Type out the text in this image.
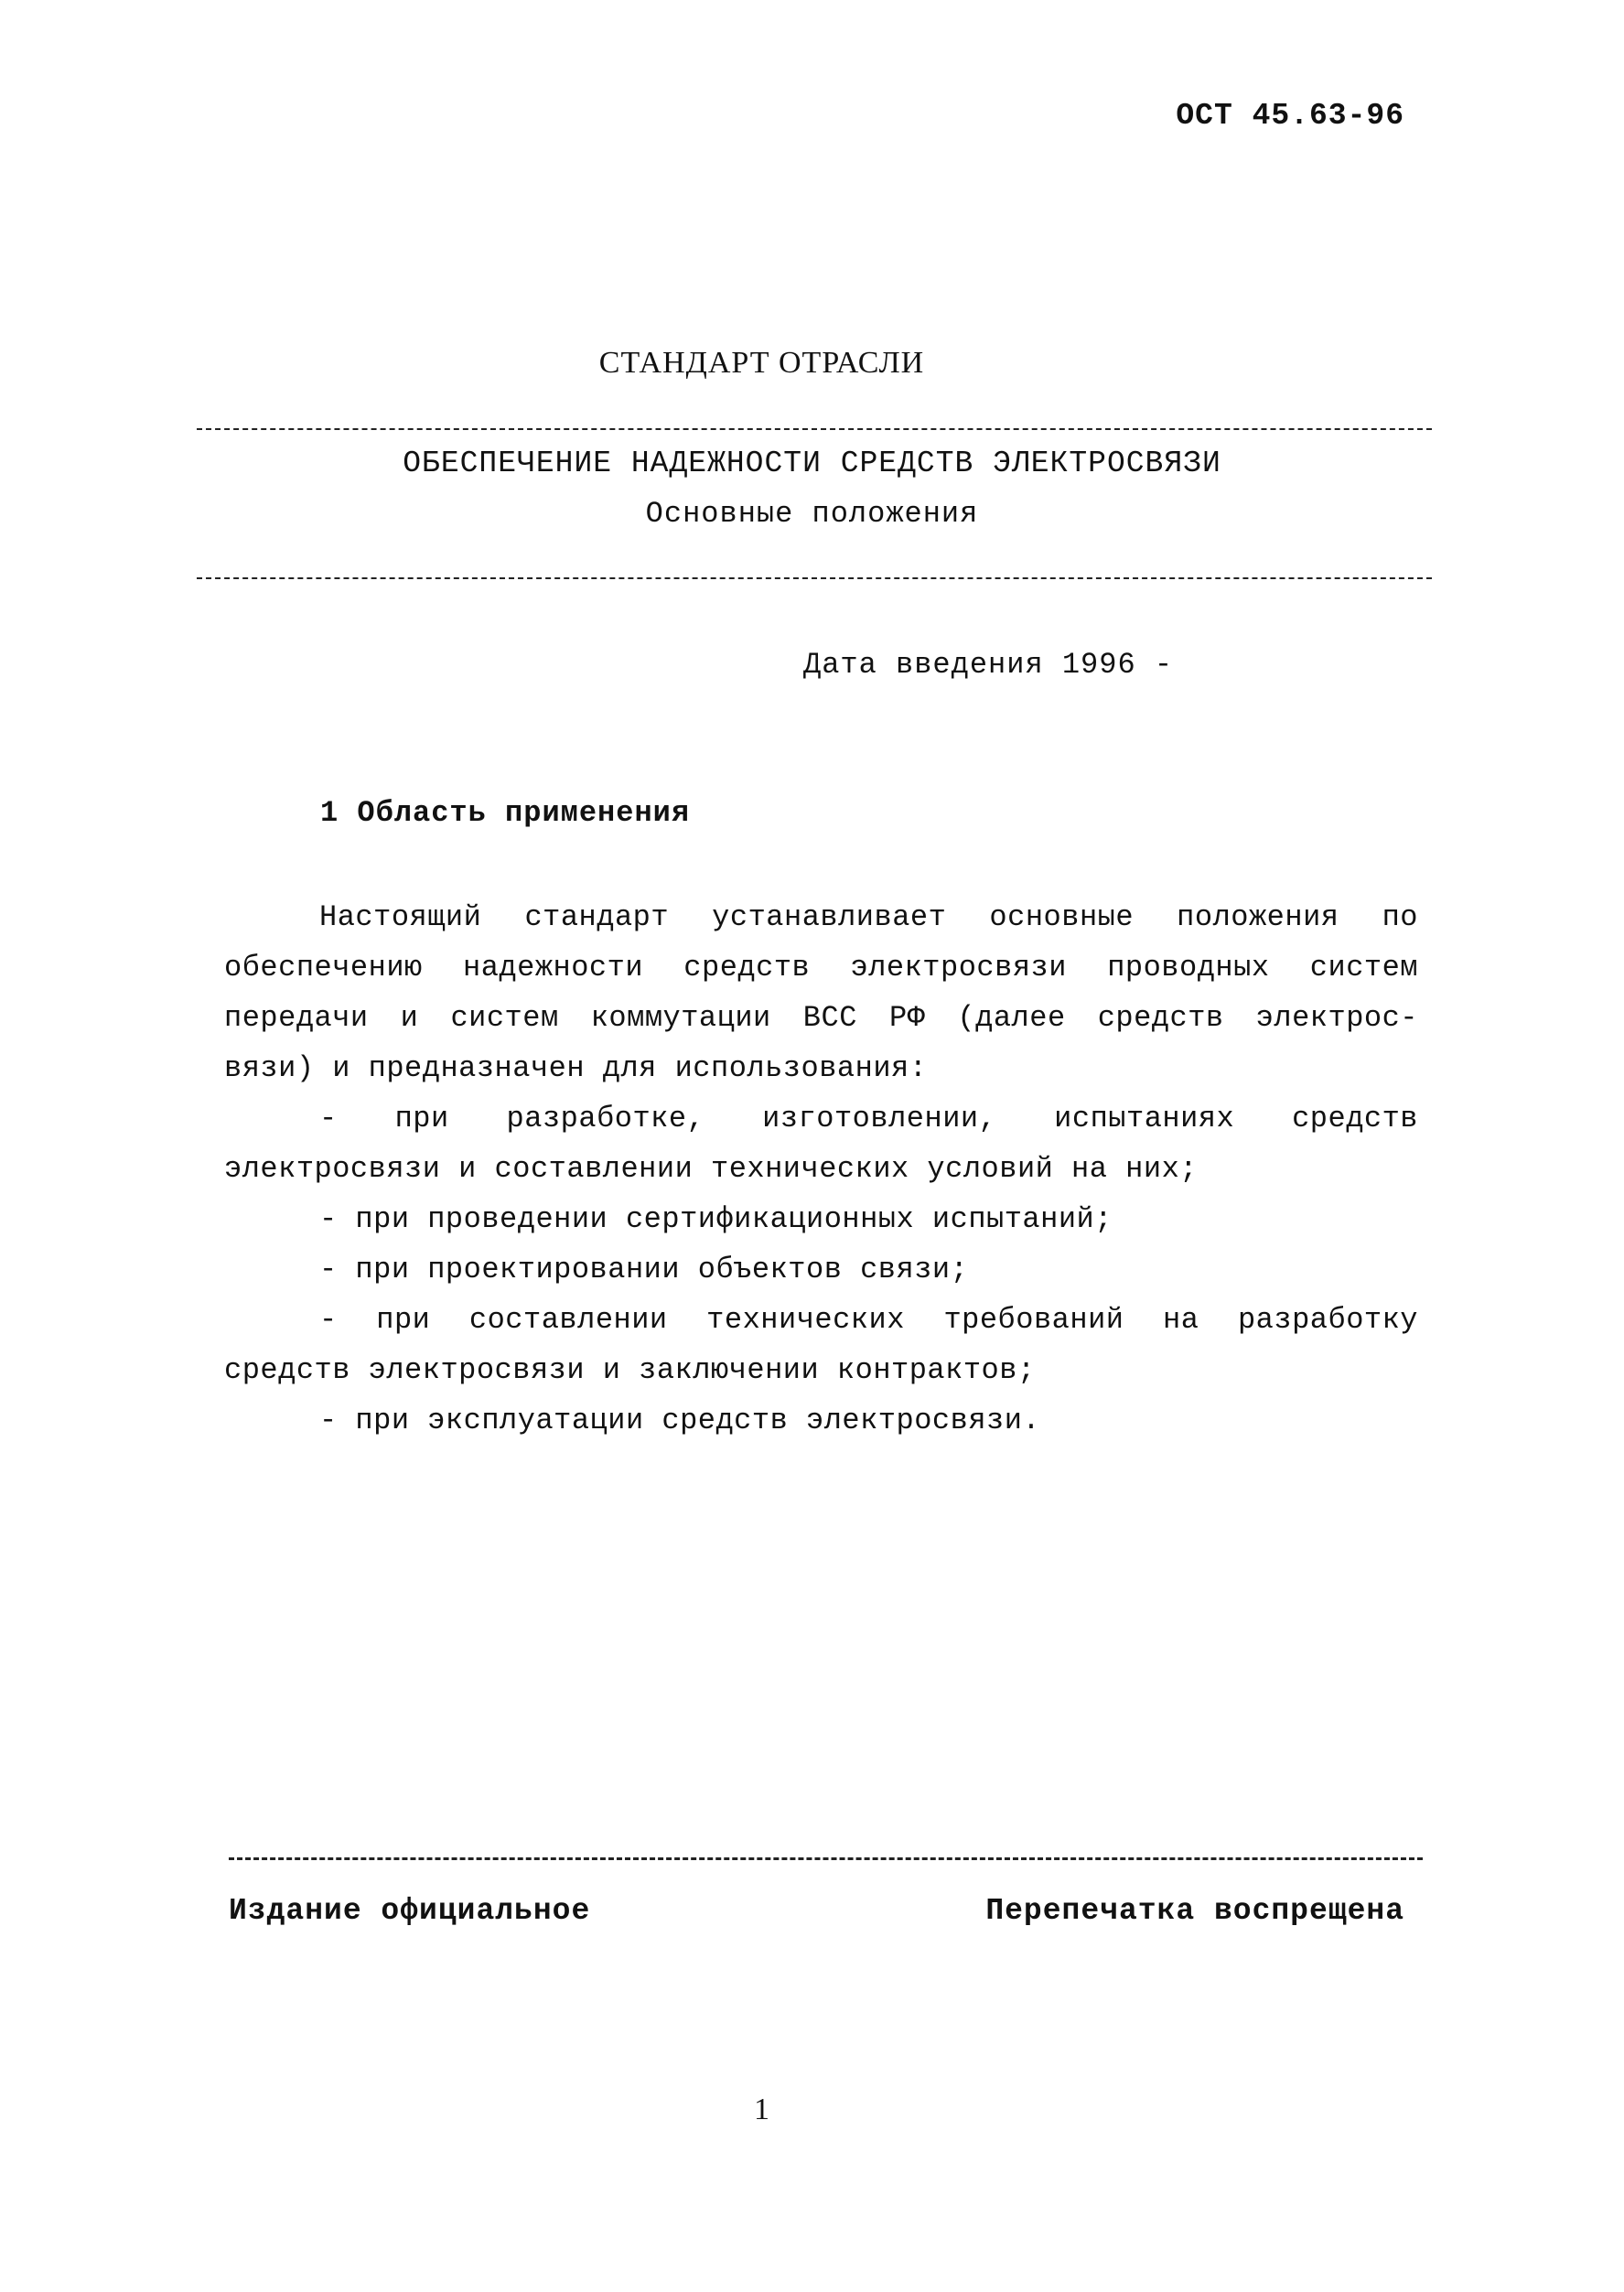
ОСТ 45.63-96
СТАНДАРТ ОТРАСЛИ
ОБЕСПЕЧЕНИЕ НАДЕЖНОСТИ СРЕДСТВ ЭЛЕКТРОСВЯЗИ
Основные положения
Дата введения 1996 -
1 Область применения
Настоящий стандарт устанавливает основные положения по
обеспечению надежности средств электросвязи проводных систем
передачи и систем коммутации ВСС РФ (далее средств электрос-
вязи) и предназначен для использования:
- при разработке, изготовлении, испытаниях средств
электросвязи и составлении технических условий на них;
- при проведении сертификационных испытаний;
- при проектировании объектов связи;
- при составлении технических требований на разработку
средств электросвязи и заключении контрактов;
- при эксплуатации средств электросвязи.
Издание официальное	Перепечатка воспрещена
1
